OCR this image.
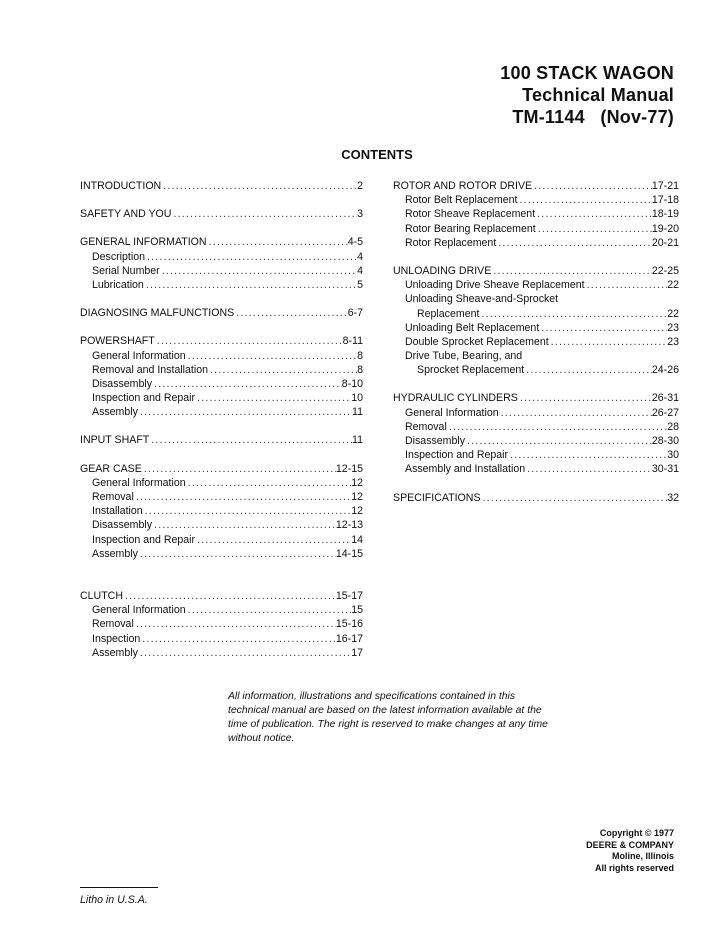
100 STACK WAGON
Technical Manual
TM-1144   (Nov-77)
CONTENTS
INTRODUCTION .....	2
SAFETY AND YOU .....	3
GENERAL INFORMATION .....	4-5
Description .....	4
Serial Number .....	4
Lubrication .....	5
DIAGNOSING MALFUNCTIONS .....	6-7
POWERSHAFT .....	8-11
General Information .....	8
Removal and Installation .....	8
Disassembly .....	8-10
Inspection and Repair .....	10
Assembly .....	11
INPUT SHAFT .....	11
GEAR CASE .....	12-15
General Information .....	12
Removal .....	12
Installation .....	12
Disassembly .....	12-13
Inspection and Repair .....	14
Assembly .....	14-15
CLUTCH .....	15-17
General Information .....	15
Removal .....	15-16
Inspection .....	16-17
Assembly .....	17
ROTOR AND ROTOR DRIVE .....	17-21
Rotor Belt Replacement .....	17-18
Rotor Sheave Replacement .....	18-19
Rotor Bearing Replacement .....	19-20
Rotor Replacement .....	20-21
UNLOADING DRIVE .....	22-25
Unloading Drive Sheave Replacement .....	22
Unloading Sheave-and-Sprocket
Replacement .....	22
Unloading Belt Replacement .....	23
Double Sprocket Replacement .....	23
Drive Tube, Bearing, and
Sprocket Replacement .....	24-26
HYDRAULIC CYLINDERS .....	26-31
General Information .....	26-27
Removal .....	28
Disassembly .....	28-30
Inspection and Repair .....	30
Assembly and Installation .....	30-31
SPECIFICATIONS .....	32
All information, illustrations and specifications contained in this technical manual are based on the latest information available at the time of publication. The right is reserved to make changes at any time without notice.
Copyright © 1977
DEERE & COMPANY
Moline, Illinois
All rights reserved
Litho in U.S.A.
